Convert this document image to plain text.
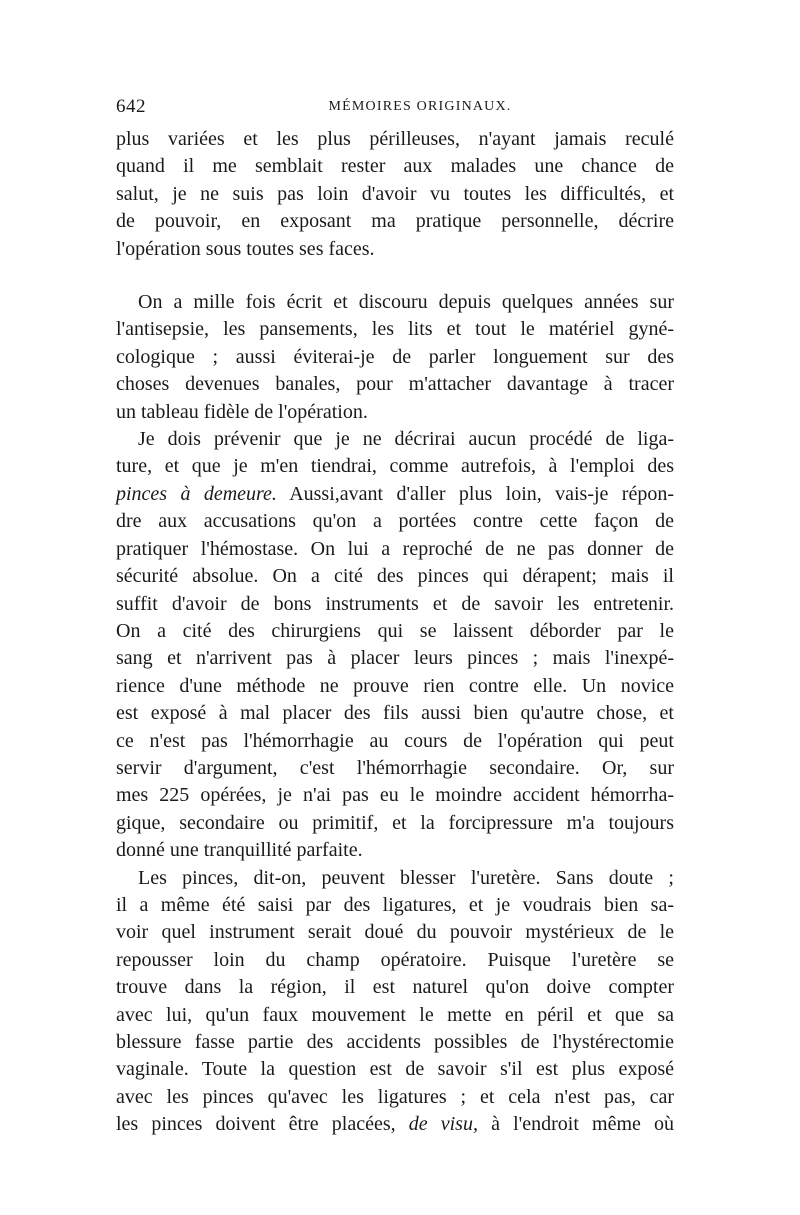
642	MÉMOIRES ORIGINAUX.

plus variées et les plus périlleuses, n'ayant jamais reculé
quand il me semblait rester aux malades une chance de
salut, je ne suis pas loin d'avoir vu toutes les difficultés, et
de pouvoir, en exposant ma pratique personnelle, décrire
l'opération sous toutes ses faces.

On a mille fois écrit et discouru depuis quelques années sur
l'antisepsie, les pansements, les lits et tout le matériel gyné-
cologique ; aussi éviterai-je de parler longuement sur des
choses devenues banales, pour m'attacher davantage à tracer
un tableau fidèle de l'opération.

Je dois prévenir que je ne décrirai aucun procédé de liga-
ture, et que je m'en tiendrai, comme autrefois, à l'emploi des
pinces à demeure. Aussi,avant d'aller plus loin, vais-je répon-
dre aux accusations qu'on a portées contre cette façon de
pratiquer l'hémostase. On lui a reproché de ne pas donner de
sécurité absolue. On a cité des pinces qui dérapent; mais il
suffit d'avoir de bons instruments et de savoir les entretenir.
On a cité des chirurgiens qui se laissent déborder par le
sang et n'arrivent pas à placer leurs pinces ; mais l'inexpé-
rience d'une méthode ne prouve rien contre elle. Un novice
est exposé à mal placer des fils aussi bien qu'autre chose, et
ce n'est pas l'hémorrhagie au cours de l'opération qui peut
servir d'argument, c'est l'hémorrhagie secondaire. Or, sur
mes 225 opérées, je n'ai pas eu le moindre accident hémorrha-
gique, secondaire ou primitif, et la forcipressure m'a toujours
donné une tranquillité parfaite.

Les pinces, dit-on, peuvent blesser l'uretère. Sans doute ;
il a même été saisi par des ligatures, et je voudrais bien sa-
voir quel instrument serait doué du pouvoir mystérieux de le
repousser loin du champ opératoire. Puisque l'uretère se
trouve dans la région, il est naturel qu'on doive compter
avec lui, qu'un faux mouvement le mette en péril et que sa
blessure fasse partie des accidents possibles de l'hystérectomie
vaginale. Toute la question est de savoir s'il est plus exposé
avec les pinces qu'avec les ligatures ; et cela n'est pas, car
les pinces doivent être placées, de visu, à l'endroit même où
